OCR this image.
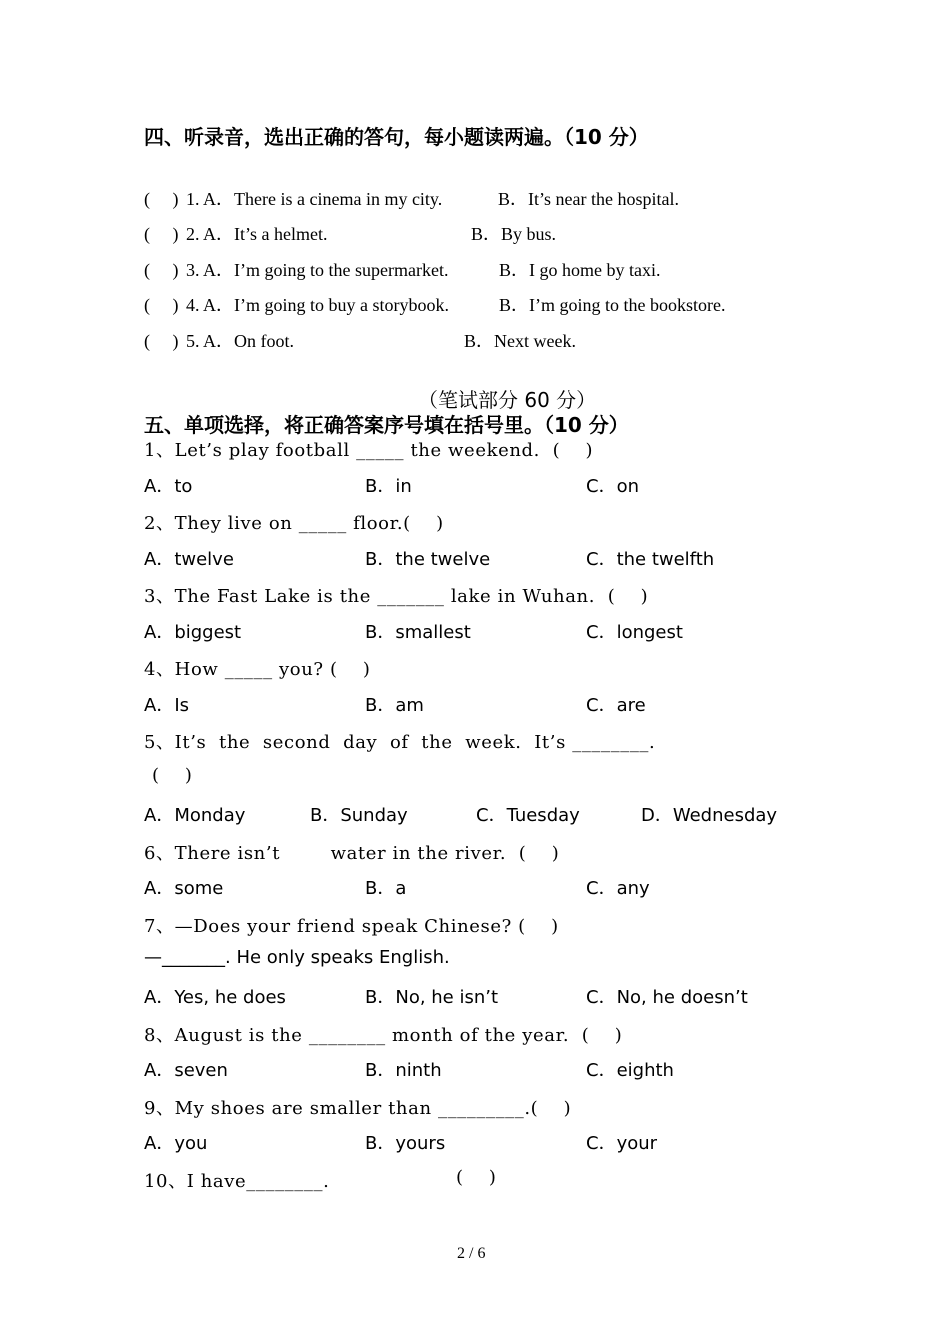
四、听录音，选出正确的答句，每小题读两遍。（10 分）
(　 ) 1. A．There is a cinema in my city.	B．It’s near the hospital.
(　 ) 2. A．It’s a helmet.	B．By bus.
(　 ) 3. A．I’m going to the supermarket.	B．I go home by taxi.
(　 ) 4. A．I’m going to buy a storybook.	B．I’m going to the bookstore.
(　 ) 5. A．On foot.	B．Next week.
（笔试部分 60 分）
五、单项选择，将正确答案序号填在括号里。（10 分）
1、Let’s play football _____ the weekend.  (    )
A．to	B．in	C．on
2、They live on _____ floor.(    )
A．twelve	B．the twelve	C．the twelfth
3、The Fast Lake is the _______ lake in Wuhan.  (    )
A．biggest	B．smallest	C．longest
4、How _____ you? (    )
A．Is	B．am	C．are
5、It’s  the  second  day  of  the  week.  It’s ________.
(    )
A．Monday	B．Sunday	C．Tuesday	D．Wednesday
6、There isn’t        water in the river.  (    )
A．some	B．a	C．any
7、—Does your friend speak Chinese? (    )
—_______. He only speaks English.
A．Yes, he does	B．No, he isn’t	C．No, he doesn’t
8、August is the ________ month of the year.  (    )
A．seven	B．ninth	C．eighth
9、My shoes are smaller than _________.(    )
A．you	B．yours	C．your
10、I have________.	(    )
2 / 6
